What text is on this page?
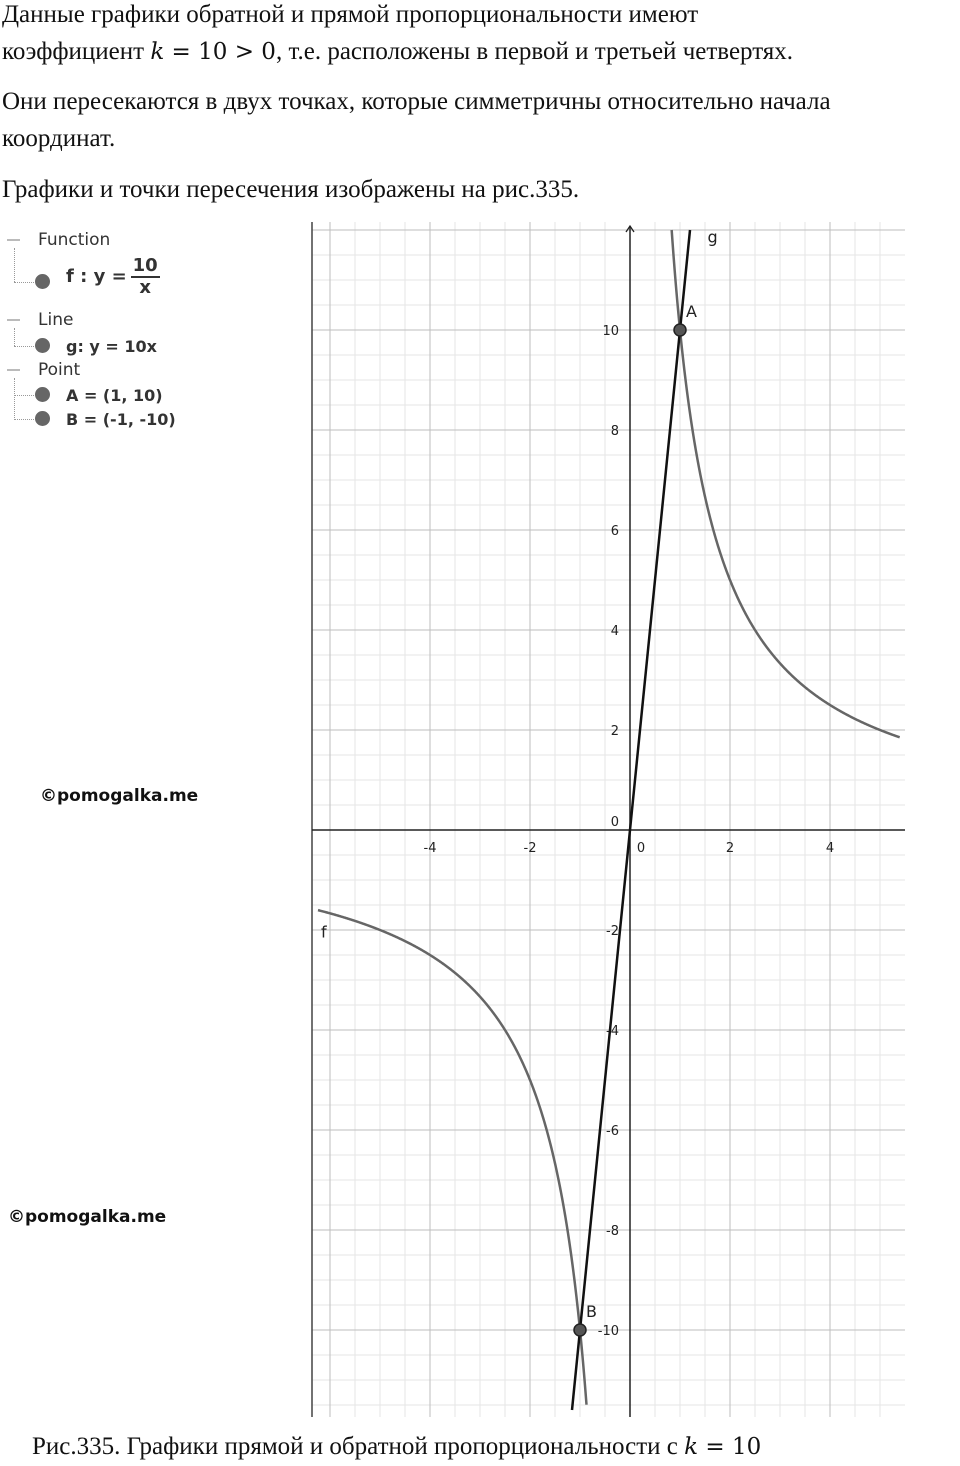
Данные графики обратной и прямой пропорциональности имеют
коэффициент k = 10 > 0, т.е. расположены в первой и третьей четвертях.

Они пересекаются в двух точках, которые симметричны относительно начала
координат.

Графики и точки пересечения изображены на рис.335.

Function
f : $y = \frac{10}{x}$
Line
g: y = 10x
Point
A = (1, 10)
B = (-1, -10)
©pomogalka.me
©pomogalka.me
-4	-2	2	4
0
0
-10
-8
-6
-4
-2
2
4
6
8
10
g
f
A
B

Рис.335. Графики прямой и обратной пропорциональности с k = 10
